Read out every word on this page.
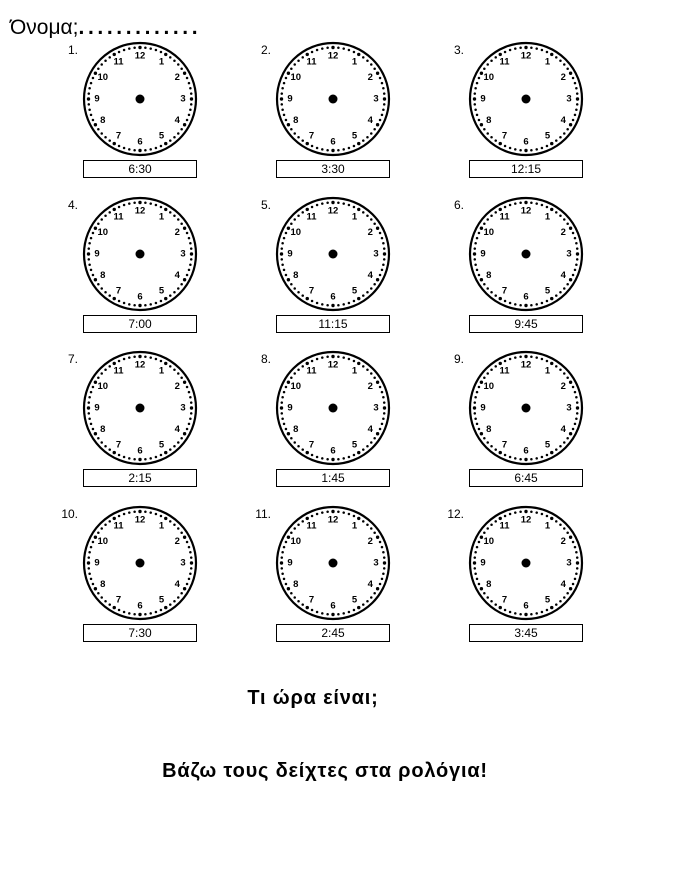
Όνομα;.............
1.	12
1
2
3
4
5
6
7
8
9
10
11
6:30
2.	12
1
2
3
4
5
6
7
8
9
10
11
3:30
3.	12
1
2
3
4
5
6
7
8
9
10
11
12:15
4.	12
1
2
3
4
5
6
7
8
9
10
11
7:00
5.	12
1
2
3
4
5
6
7
8
9
10
11
11:15
6.	12
1
2
3
4
5
6
7
8
9
10
11
9:45
7.	12
1
2
3
4
5
6
7
8
9
10
11
2:15
8.	12
1
2
3
4
5
6
7
8
9
10
11
1:45
9.	12
1
2
3
4
5
6
7
8
9
10
11
6:45
10.	12
1
2
3
4
5
6
7
8
9
10
11
7:30
11.	12
1
2
3
4
5
6
7
8
9
10
11
2:45
12.	12
1
2
3
4
5
6
7
8
9
10
11
3:45
Τι ώρα είναι;
Βάζω τους δείχτες στα ρολόγια!
